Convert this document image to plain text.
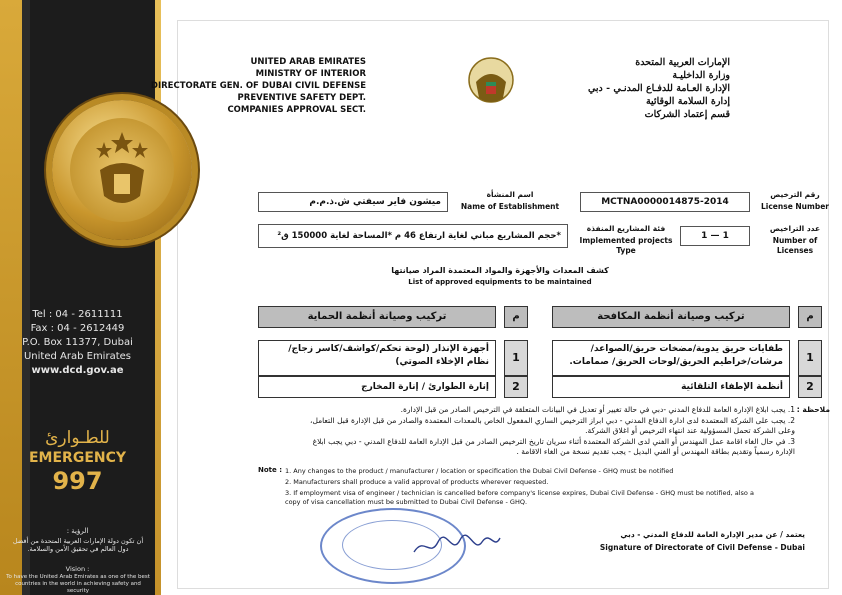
Tel : 04 - 2611111
Fax : 04 - 2612449
P.O. Box 11377, Dubai
United Arab Emirates
www.dcd.gov.ae
للطـوارئ
EMERGENCY
997
الرؤية :
أن تكون دولة الإمارات العربية المتحدة من أفضل دول العالم في تحقيق الأمن والسلامة.
Vision :
To have the United Arab Emirates as one of the best countries in the world in achieving safety and security
UNITED ARAB EMIRATES
MINISTRY OF INTERIOR
DIRECTORATE GEN. OF DUBAI CIVIL DEFENSE
PREVENTIVE SAFETY DEPT.
COMPANIES APPROVAL SECT.
الإمارات العربية المتحدة
وزارة الداخليـة
الإدارة العـامة للدفـاع المدنـي - دبي
إدارة السلامة الوقائية
قسم إعتماد الشركات
رقم الترخيص
License Number
MCTNA0000014875-2014
اسم المنشأة
Name of Establishment
ميشون فاير سيفتي ش.ذ.م.م
عدد التراخيص
Number of Licenses
1 — 1
فئة المشاريع المنفذة
Implemented projects Type
*حجم المشاريع مباني لغاية ارتفاع 46 م *المساحة لغاية 150000 ق²
كشف المعدات والأجهزة والمواد المعتمدة المراد صيانتها
List of approved equipments to be maintained
تركيب وصيانة أنظمة المكافحة	م
طفايات حريق يدوية/مضخات حريق/الصواعد/ مرشات/خراطيم الحريق/لوحات الحريق/ صمامات.	1
أنظمة الإطفاء التلقائية	2
تركيب وصيانة أنظمة الحماية	م
أجهزة الإنذار (لوحة تحكم/كواشف/كاسر زجاج/ نظام الإخلاء الصوتي)	1
إنارة الطوارئ / إنارة المخارج	2
ملاحظة :
1. يجب ابلاغ الإدارة العامة للدفاع المدني -دبي في حالة تغيير أو تعديل في البيانات المتعلقة في الترخيص الصادر من قبل الإدارة.
2. يجب على الشركة المعتمدة لدى ادارة الدفاع المدني - دبي ابراز الترخيص الساري المفعول الخاص بالمعدات المعتمدة والصادر من قبل الإدارة قبل التعامل، وعلى الشركة تحمل المسؤولية عند انتهاء الترخيص أو اغلاق الشركة.
3. في حال الغاء اقامة عمل المهندس أو الفني لدى الشركة المعتمدة أثناء سريان تاريخ الترخيص الصادر من قبل الإدارة العامة للدفاع المدني - دبي يجب ابلاغ الإدارة رسمياً وتقديم بطاقة المهندس أو الفني البديل - يجب تقديم نسخة من الغاء الاقامة .
Note : 1. Any changes to the product / manufacturer / location or specification the Dubai Civil Defense - GHQ must be notified
2. Manufacturers shall produce a valid approval of products wherever requested.
3. If employment visa of engineer / technician is cancelled before company's license expires, Dubai Civil Defense - GHQ must be notified, also a copy of visa cancellation must be submitted to Dubai Civil Defense - GHQ.
يعتمد / عن مدير الإدارة العامة للدفاع المدني - دبي
Signature of Directorate of Civil Defense - Dubai
